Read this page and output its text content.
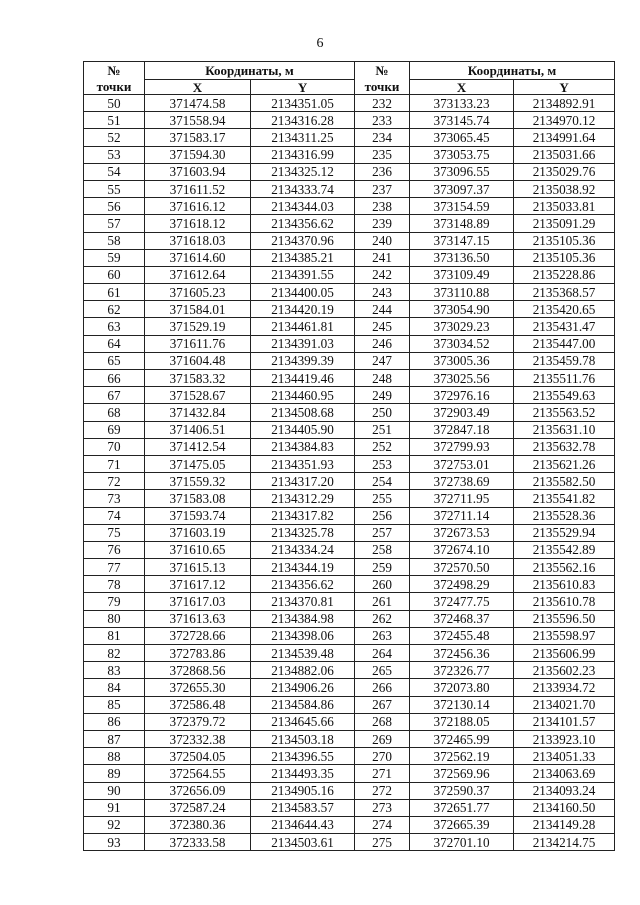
6
№	Координаты, м		№	Координаты, м	
точки	X	Y	точки	X	Y
50	371474.58	2134351.05	232	373133.23	2134892.91
51	371558.94	2134316.28	233	373145.74	2134970.12
52	371583.17	2134311.25	234	373065.45	2134991.64
53	371594.30	2134316.99	235	373053.75	2135031.66
54	371603.94	2134325.12	236	373096.55	2135029.76
55	371611.52	2134333.74	237	373097.37	2135038.92
56	371616.12	2134344.03	238	373154.59	2135033.81
57	371618.12	2134356.62	239	373148.89	2135091.29
58	371618.03	2134370.96	240	373147.15	2135105.36
59	371614.60	2134385.21	241	373136.50	2135105.36
60	371612.64	2134391.55	242	373109.49	2135228.86
61	371605.23	2134400.05	243	373110.88	2135368.57
62	371584.01	2134420.19	244	373054.90	2135420.65
63	371529.19	2134461.81	245	373029.23	2135431.47
64	371611.76	2134391.03	246	373034.52	2135447.00
65	371604.48	2134399.39	247	373005.36	2135459.78
66	371583.32	2134419.46	248	373025.56	2135511.76
67	371528.67	2134460.95	249	372976.16	2135549.63
68	371432.84	2134508.68	250	372903.49	2135563.52
69	371406.51	2134405.90	251	372847.18	2135631.10
70	371412.54	2134384.83	252	372799.93	2135632.78
71	371475.05	2134351.93	253	372753.01	2135621.26
72	371559.32	2134317.20	254	372738.69	2135582.50
73	371583.08	2134312.29	255	372711.95	2135541.82
74	371593.74	2134317.82	256	372711.14	2135528.36
75	371603.19	2134325.78	257	372673.53	2135529.94
76	371610.65	2134334.24	258	372674.10	2135542.89
77	371615.13	2134344.19	259	372570.50	2135562.16
78	371617.12	2134356.62	260	372498.29	2135610.83
79	371617.03	2134370.81	261	372477.75	2135610.78
80	371613.63	2134384.98	262	372468.37	2135596.50
81	372728.66	2134398.06	263	372455.48	2135598.97
82	372783.86	2134539.48	264	372456.36	2135606.99
83	372868.56	2134882.06	265	372326.77	2135602.23
84	372655.30	2134906.26	266	372073.80	2133934.72
85	372586.48	2134584.86	267	372130.14	2134021.70
86	372379.72	2134645.66	268	372188.05	2134101.57
87	372332.38	2134503.18	269	372465.99	2133923.10
88	372504.05	2134396.55	270	372562.19	2134051.33
89	372564.55	2134493.35	271	372569.96	2134063.69
90	372656.09	2134905.16	272	372590.37	2134093.24
91	372587.24	2134583.57	273	372651.77	2134160.50
92	372380.36	2134644.43	274	372665.39	2134149.28
93	372333.58	2134503.61	275	372701.10	2134214.75
